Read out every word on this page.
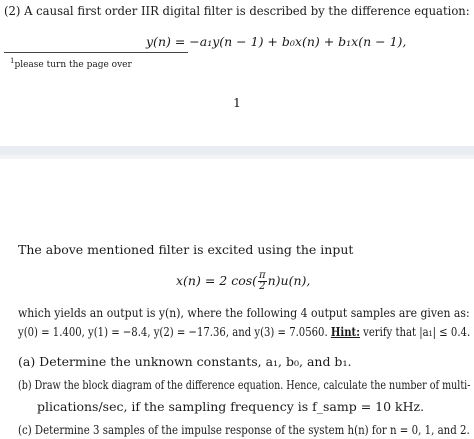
(2) A causal first order IIR digital filter is described by the difference equation:
y(n) = −a₁y(n − 1) + b₀x(n) + b₁x(n − 1),
$^1$please turn the page over
1
The above mentioned filter is excited using the input
x(n) = 2 $\cos( \frac{\pi}{2} n)u(n)$,
which yields an output is y(n), where the following 4 output samples are given as:
y(0) = 1.400, y(1) = −8.4, y(2) = −17.36, and y(3) = 7.0560. Hint: verify that |a₁| ≤ 0.4.
(a) Determine the unknown constants, a₁, b₀, and b₁.
(b) Draw the block diagram of the difference equation. Hence, calculate the number of multi-
plications/sec, if the sampling frequency is f_samp = 10 kHz.
(c) Determine 3 samples of the impulse response of the system h(n) for n = 0, 1, and 2.
